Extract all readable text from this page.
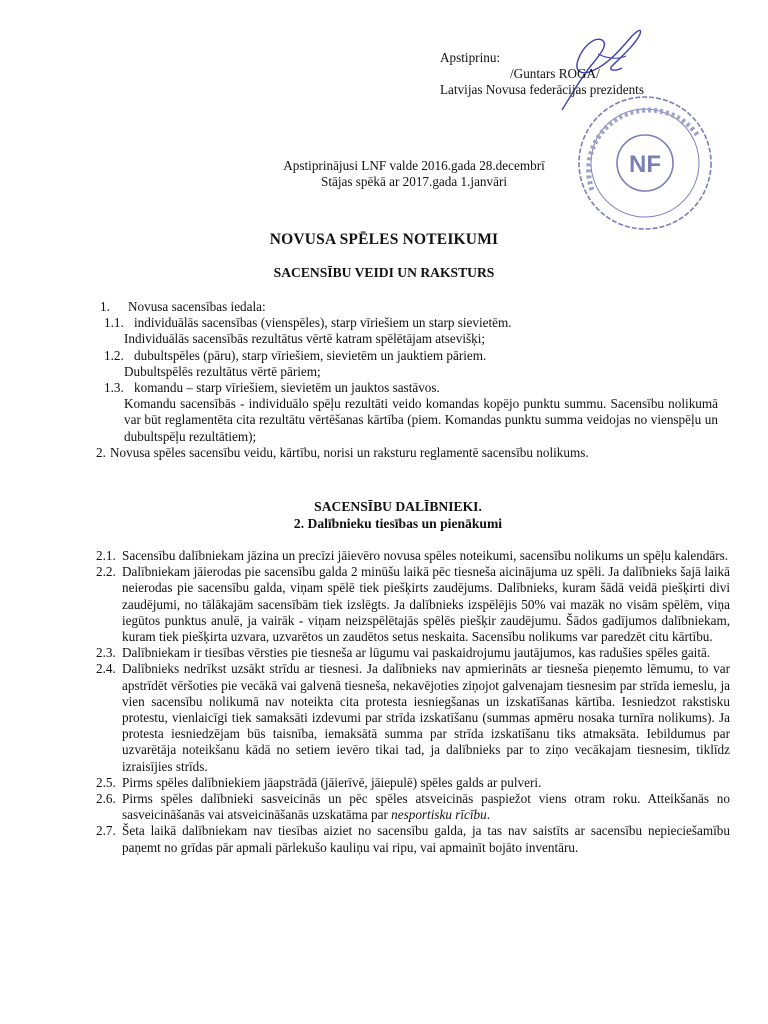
NF
Apstiprinu:
/Guntars ROGA/
Latvijas Novusa federācijas prezidents
Apstiprinājusi LNF valde 2016.gada 28.decembrī
Stājas spēkā ar 2017.gada 1.janvāri
NOVUSA SPĒLES NOTEIKUMI
SACENSĪBU VEIDI UN RAKSTURS
1.	Novusa sacensības iedala:
1.1. individuālās sacensības (vienspēles), starp vīriešiem un starp sievietēm.
Individuālās sacensībās rezultātus vērtē katram spēlētājam atsevišķi;
1.2. dubultspēles (pāru), starp vīriešiem, sievietēm un jauktiem pāriem.
Dubultspēlēs rezultātus vērtē pāriem;
1.3. komandu – starp vīriešiem, sievietēm un jauktos sastāvos.
Komandu sacensībās - individuālo spēļu rezultāti veido komandas kopējo punktu summu. Sacensību nolikumā var būt reglamentēta cita rezultātu vērtēšanas kārtība (piem. Komandas punktu summa veidojas no vienspēļu un dubultspēļu rezultātiem);
2. Novusa spēles sacensību veidu, kārtību, norisi un raksturu reglamentē sacensību nolikums.
SACENSĪBU DALĪBNIEKI.
2. Dalībnieku tiesības un pienākumi
2.1. Sacensību dalībniekam jāzina un precīzi jāievēro novusa spēles noteikumi, sacensību nolikums un spēļu kalendārs.
2.2. Dalībniekam jāierodas pie sacensību galda 2 minūšu laikā pēc tiesneša aicinājuma uz spēli. Ja dalībnieks šajā laikā neierodas pie sacensību galda, viņam spēlē tiek piešķirts zaudējums. Dalībnieks, kuram šādā veidā piešķirti divi zaudējumi, no tālākajām sacensībām tiek izslēgts. Ja dalībnieks izspēlējis 50% vai mazāk no visām spēlēm, viņa iegūtos punktus anulē, ja vairāk - viņam neizspēlētajās spēlēs piešķir zaudējumu. Šādos gadījumos dalībniekam, kuram tiek piešķirta uzvara, uzvarētos un zaudētos setus neskaita. Sacensību nolikums var paredzēt citu kārtību.
2.3. Dalībniekam ir tiesības vērsties pie tiesneša ar lūgumu vai paskaidrojumu jautājumos, kas radušies spēles gaitā.
2.4. Dalībnieks nedrīkst uzsākt strīdu ar tiesnesi. Ja dalībnieks nav apmierināts ar tiesneša pieņemto lēmumu, to var apstrīdēt vēršoties pie vecākā vai galvenā tiesneša, nekavējoties ziņojot galvenajam tiesnesim par strīda iemeslu, ja vien sacensību nolikumā nav noteikta cita protesta iesniegšanas un izskatīšanas kārtība. Iesniedzot rakstisku protestu, vienlaicīgi tiek samaksāti izdevumi par strīda izskatīšanu (summas apmēru nosaka turnīra nolikums). Ja protesta iesniedzējam būs taisnība, iemaksātā summa par strīda izskatīšanu tiks atmaksāta. Iebildumus par uzvarētāja noteikšanu kādā no setiem ievēro tikai tad, ja dalībnieks par to ziņo vecākajam tiesnesim, tiklīdz izraisījies strīds.
2.5. Pirms spēles dalībniekiem jāapstrādā (jāierīvē, jāiepulē) spēles galds ar pulveri.
2.6. Pirms spēles dalībnieki sasveicinās un pēc spēles atsveicinās paspiežot viens otram roku. Atteikšanās no sasveicināšanās vai atsveicināšanās uzskatāma par nesportisku rīcību.
2.7. Šeta laikā dalībniekam nav tiesības aiziet no sacensību galda, ja tas nav saistīts ar sacensību nepieciešamību paņemt no grīdas pār apmali pārlekušo kauliņu vai ripu, vai apmainīt bojāto inventāru.
